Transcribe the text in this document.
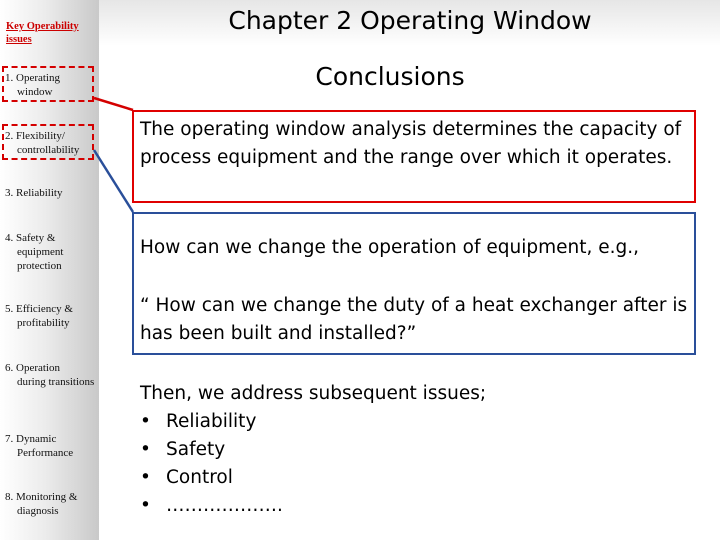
Key Operability issues
1. Operating
window
2. Flexibility/
controllability
3. Reliability
4. Safety &
equipment protection
5. Efficiency &
profitability
6. Operation
during transitions
7. Dynamic
Performance
8. Monitoring &
diagnosis
Chapter 2 Operating Window
Conclusions
The operating window analysis determines the capacity of process equipment and the range over which it operates.
How can we change the operation of equipment, e.g.,
“ How can we change the duty of a heat exchanger after is has been built and installed?”
Then, we address subsequent issues;
• Reliability
• Safety
• Control
• ……………….
